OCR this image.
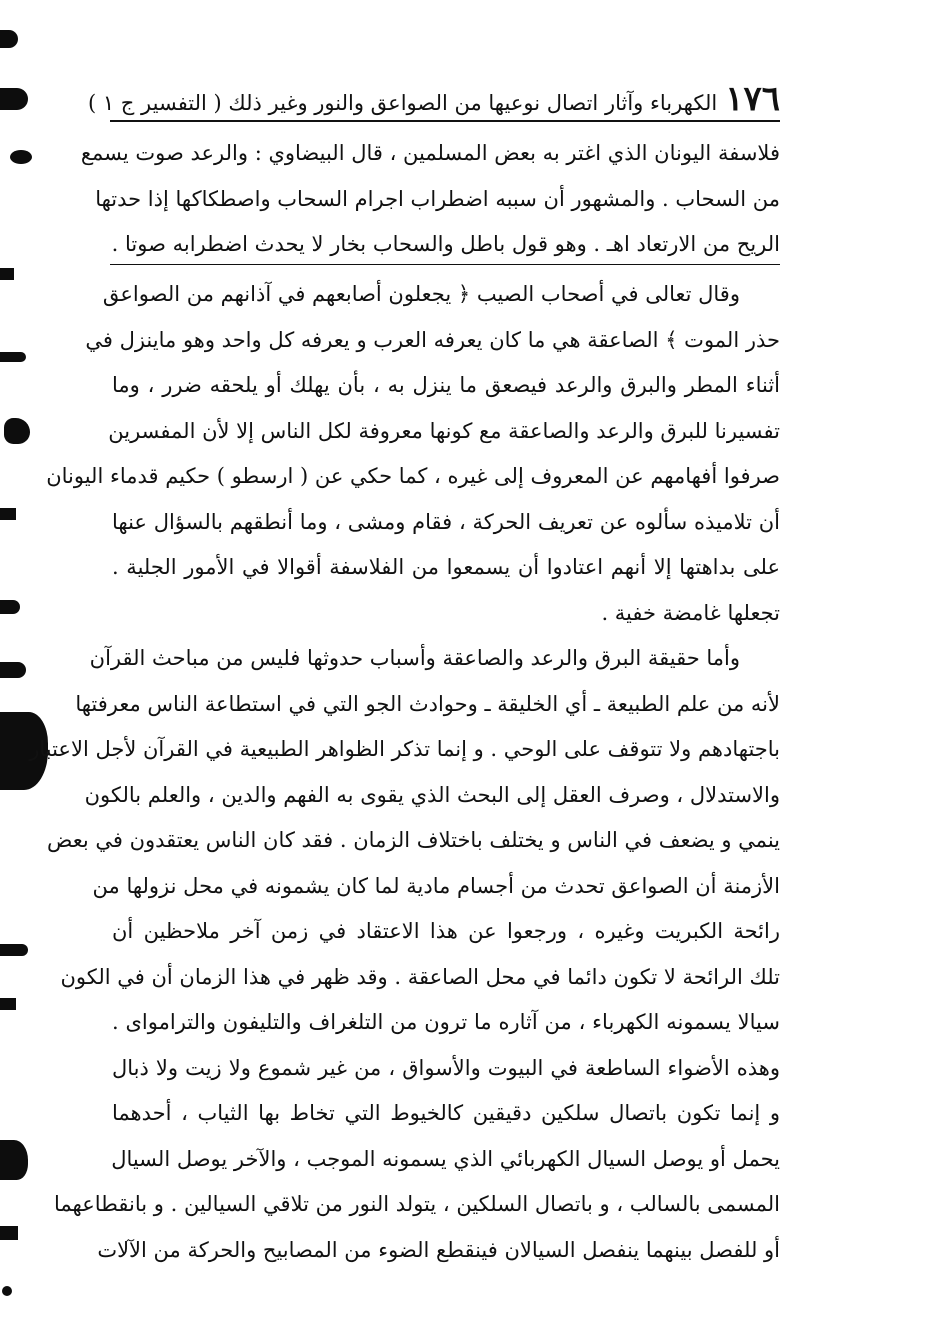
١٧٦
الكهرباء وآثار اتصال نوعيها من الصواعق والنور وغير ذلك ( التفسير ج ١ )
فلاسفة اليونان الذي اغتر به بعض المسلمين ، قال البيضاوي : والرعد صوت يسمع
من السحاب . والمشهور أن سببه اضطراب اجرام السحاب واصطكاكها إذا حدتها
الريح من الارتعاد اهـ . وهو قول باطل والسحاب بخار لا يحدث اضطرابه صوتا .
وقال تعالى في أصحاب الصيب ﴿ يجعلون أصابعهم في آذانهم من الصواعق
حذر الموت ﴾ الصاعقة هي ما كان يعرفه العرب و يعرفه كل واحد وهو ماينزل في
أثناء المطر والبرق والرعد فيصعق ما ينزل به ، بأن يهلك أو يلحقه ضرر ، وما
تفسيرنا للبرق والرعد والصاعقة مع كونها معروفة لكل الناس إلا لأن المفسرين
صرفوا أفهامهم عن المعروف إلى غيره ، كما حكي عن ( ارسطو ) حكيم قدماء اليونان
أن تلاميذه سألوه عن تعريف الحركة ، فقام ومشى ، وما أنطقهم بالسؤال عنها
على بداهتها إلا أنهم اعتادوا أن يسمعوا من الفلاسفة أقوالا في الأمور الجلية .
تجعلها غامضة خفية .
وأما حقيقة البرق والرعد والصاعقة وأسباب حدوثها فليس من مباحث القرآن
لأنه من علم الطبيعة ـ أي الخليقة ـ وحوادث الجو التي في استطاعة الناس معرفتها
باجتهادهم ولا تتوقف على الوحي . و إنما تذكر الظواهر الطبيعية في القرآن لأجل الاعتبار
والاستدلال ، وصرف العقل إلى البحث الذي يقوى به الفهم والدين ، والعلم بالكون
ينمي و يضعف في الناس و يختلف باختلاف الزمان . فقد كان الناس يعتقدون في بعض
الأزمنة أن الصواعق تحدث من أجسام مادية لما كان يشمونه في محل نزولها من
رائحة الكبريت وغيره ، ورجعوا عن هذا الاعتقاد في زمن آخر ملاحظين أن
تلك الرائحة لا تكون دائما في محل الصاعقة . وقد ظهر في هذا الزمان أن في الكون
سيالا يسمونه الكهرباء ، من آثاره ما ترون من التلغراف والتليفون والتراموای .
وهذه الأضواء الساطعة في البيوت والأسواق ، من غير شموع ولا زيت ولا ذبال
و إنما تكون باتصال سلكين دقيقين كالخيوط التي تخاط بها الثياب ، أحدهما
يحمل أو يوصل السيال الكهربائي الذي يسمونه الموجب ، والآخر يوصل السيال
المسمى بالسالب ، و باتصال السلكين ، يتولد النور من تلاقي السيالين . و بانقطاعهما
أو للفصل بينهما ينفصل السيالان فينقطع الضوء من المصابيح والحركة من الآلات
